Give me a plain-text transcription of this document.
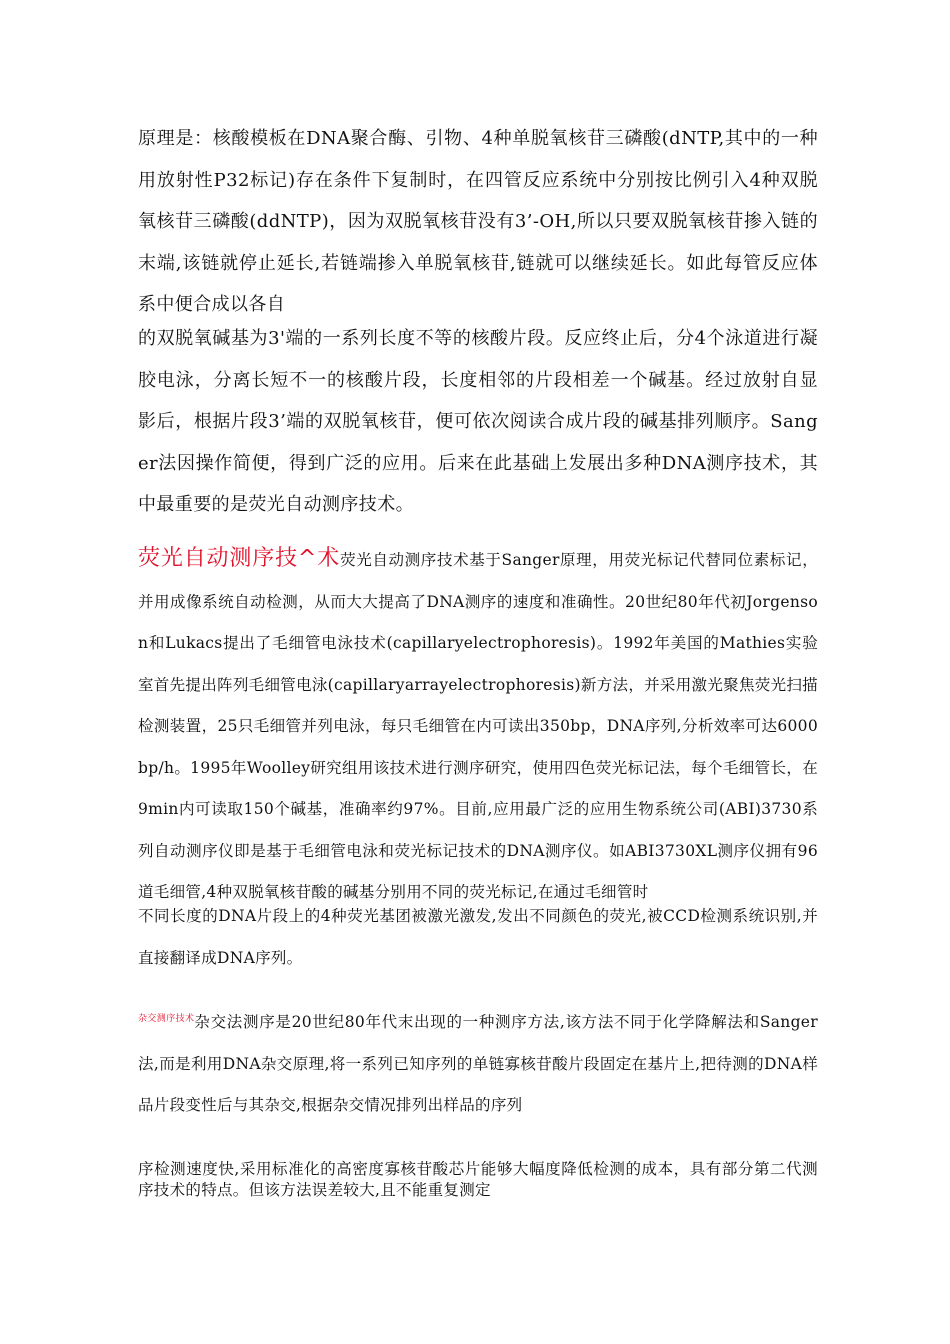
原理是：核酸模板在DNA聚合酶、引物、4种单脱氧核苷三磷酸(dNTP,其中的一种用放射性P32标记)存在条件下复制时，在四管反应系统中分别按比例引入4种双脱氧核苷三磷酸(ddNTP)，因为双脱氧核苷没有3’-OH,所以只要双脱氧核苷掺入链的末端,该链就停止延长,若链端掺入单脱氧核苷,链就可以继续延长。如此每管反应体系中便合成以各自

的双脱氧碱基为3'端的一系列长度不等的核酸片段。反应终止后，分4个泳道进行凝胶电泳，分离长短不一的核酸片段，长度相邻的片段相差一个碱基。经过放射自显影后，根据片段3’端的双脱氧核苷，便可依次阅读合成片段的碱基排列顺序。Sanger法因操作简便，得到广泛的应用。后来在此基础上发展出多种DNA测序技术，其中最重要的是荧光自动测序技术。

荧光自动测序技^术荧光自动测序技术基于Sanger原理，用荧光标记代替同位素标记，并用成像系统自动检测，从而大大提高了DNA测序的速度和准确性。20世纪80年代初Jorgenson和Lukacs提出了毛细管电泳技术(capillaryelectrophoresis)。1992年美国的Mathies实验室首先提出阵列毛细管电泳(capillaryarrayelectrophoresis)新方法，并采用激光聚焦荧光扫描检测装置，25只毛细管并列电泳，每只毛细管在内可读出350bp，DNA序列,分析效率可达6000bp/h。1995年Woolley研究组用该技术进行测序研究，使用四色荧光标记法，每个毛细管长，在9min内可读取150个碱基，准确率约97%。目前,应用最广泛的应用生物系统公司(ABI)3730系列自动测序仪即是基于毛细管电泳和荧光标记技术的DNA测序仪。如ABI3730XL测序仪拥有96道毛细管,4种双脱氧核苷酸的碱基分别用不同的荧光标记,在通过毛细管时

不同长度的DNA片段上的4种荧光基团被激光激发,发出不同颜色的荧光,被CCD检测系统识别,并直接翻译成DNA序列。

$^{杂交测序技术}$杂交法测序是20世纪80年代末出现的一种测序方法,该方法不同于化学降解法和Sanger法,而是利用DNA杂交原理,将一系列已知序列的单链寡核苷酸片段固定在基片上,把待测的DNA样品片段变性后与其杂交,根据杂交情况排列出样品的序列

序检测速度快,采用标准化的高密度寡核苷酸芯片能够大幅度降低检测的成本，具有部分第二代测序技术的特点。但该方法误差较大,且不能重复测定
